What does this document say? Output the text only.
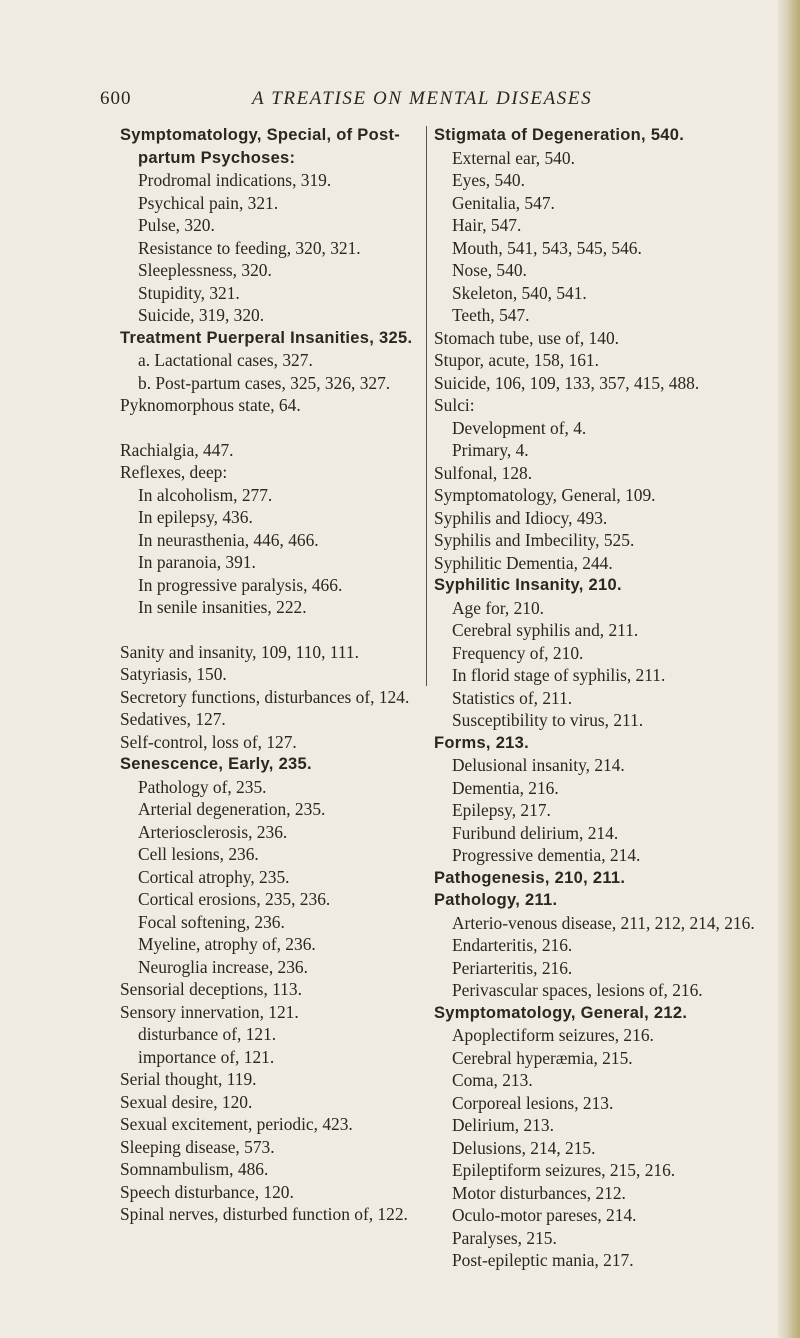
600	A TREATISE ON MENTAL DISEASES
Symptomatology, Special, of Post-partum Psychoses:
Prodromal indications, 319.
Psychical pain, 321.
Pulse, 320.
Resistance to feeding, 320, 321.
Sleeplessness, 320.
Stupidity, 321.
Suicide, 319, 320.
Treatment Puerperal Insanities, 325.
a. Lactational cases, 327.
b. Post-partum cases, 325, 326, 327.
Pyknomorphous state, 64.
Rachialgia, 447.
Reflexes, deep:
In alcoholism, 277.
In epilepsy, 436.
In neurasthenia, 446, 466.
In paranoia, 391.
In progressive paralysis, 466.
In senile insanities, 222.
Sanity and insanity, 109, 110, 111.
Satyriasis, 150.
Secretory functions, disturbances of, 124.
Sedatives, 127.
Self-control, loss of, 127.
Senescence, Early, 235.
Pathology of, 235.
Arterial degeneration, 235.
Arteriosclerosis, 236.
Cell lesions, 236.
Cortical atrophy, 235.
Cortical erosions, 235, 236.
Focal softening, 236.
Myeline, atrophy of, 236.
Neuroglia increase, 236.
Sensorial deceptions, 113.
Sensory innervation, 121.
disturbance of, 121.
importance of, 121.
Serial thought, 119.
Sexual desire, 120.
Sexual excitement, periodic, 423.
Sleeping disease, 573.
Somnambulism, 486.
Speech disturbance, 120.
Spinal nerves, disturbed function of, 122.
Stigmata of Degeneration, 540.
External ear, 540.
Eyes, 540.
Genitalia, 547.
Hair, 547.
Mouth, 541, 543, 545, 546.
Nose, 540.
Skeleton, 540, 541.
Teeth, 547.
Stomach tube, use of, 140.
Stupor, acute, 158, 161.
Suicide, 106, 109, 133, 357, 415, 488.
Sulci:
Development of, 4.
Primary, 4.
Sulfonal, 128.
Symptomatology, General, 109.
Syphilis and Idiocy, 493.
Syphilis and Imbecility, 525.
Syphilitic Dementia, 244.
Syphilitic Insanity, 210.
Age for, 210.
Cerebral syphilis and, 211.
Frequency of, 210.
In florid stage of syphilis, 211.
Statistics of, 211.
Susceptibility to virus, 211.
Forms, 213.
Delusional insanity, 214.
Dementia, 216.
Epilepsy, 217.
Furibund delirium, 214.
Progressive dementia, 214.
Pathogenesis, 210, 211.
Pathology, 211.
Arterio-venous disease, 211, 212, 214, 216.
Endarteritis, 216.
Periarteritis, 216.
Perivascular spaces, lesions of, 216.
Symptomatology, General, 212.
Apoplectiform seizures, 216.
Cerebral hyperæmia, 215.
Coma, 213.
Corporeal lesions, 213.
Delirium, 213.
Delusions, 214, 215.
Epileptiform seizures, 215, 216.
Motor disturbances, 212.
Oculo-motor pareses, 214.
Paralyses, 215.
Post-epileptic mania, 217.
